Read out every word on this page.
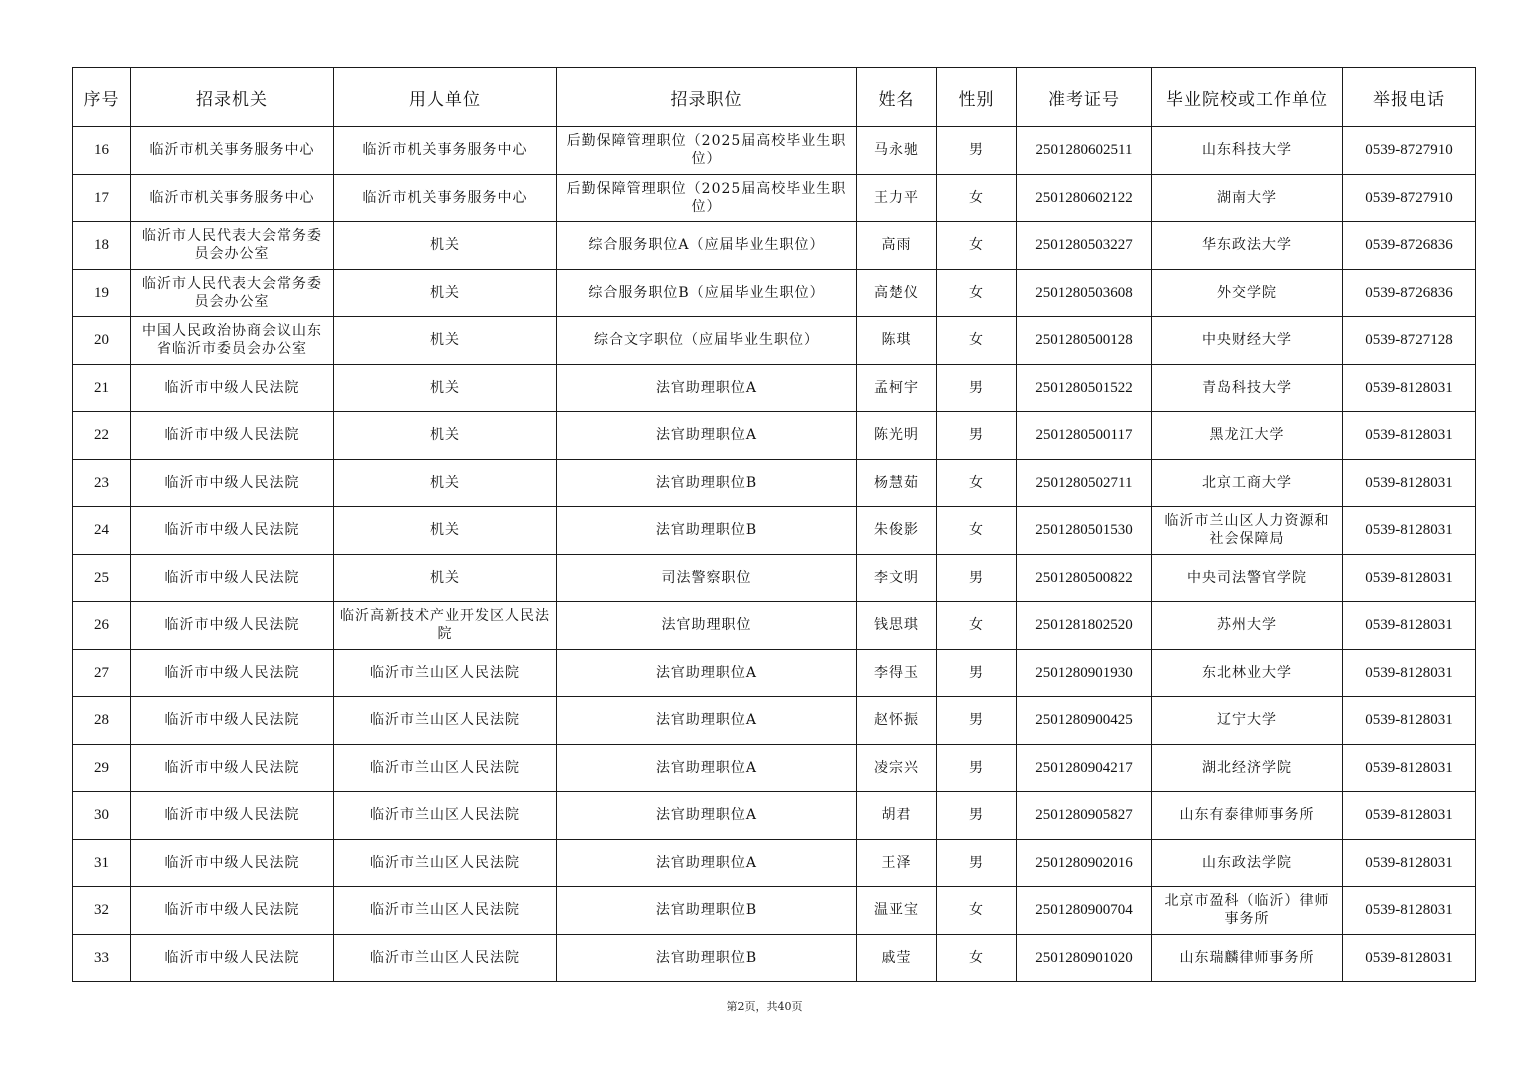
序号	招录机关	用人单位	招录职位	姓名	性别	准考证号	毕业院校或工作单位	举报电话
16	临沂市机关事务服务中心	临沂市机关事务服务中心	后勤保障管理职位（2025届高校毕业生职位）	马永驰	男	2501280602511	山东科技大学	0539-8727910
17	临沂市机关事务服务中心	临沂市机关事务服务中心	后勤保障管理职位（2025届高校毕业生职位）	王力平	女	2501280602122	湖南大学	0539-8727910
18	临沂市人民代表大会常务委员会办公室	机关	综合服务职位A（应届毕业生职位）	高雨	女	2501280503227	华东政法大学	0539-8726836
19	临沂市人民代表大会常务委员会办公室	机关	综合服务职位B（应届毕业生职位）	高楚仪	女	2501280503608	外交学院	0539-8726836
20	中国人民政治协商会议山东省临沂市委员会办公室	机关	综合文字职位（应届毕业生职位）	陈琪	女	2501280500128	中央财经大学	0539-8727128
21	临沂市中级人民法院	机关	法官助理职位A	孟柯宇	男	2501280501522	青岛科技大学	0539-8128031
22	临沂市中级人民法院	机关	法官助理职位A	陈光明	男	2501280500117	黑龙江大学	0539-8128031
23	临沂市中级人民法院	机关	法官助理职位B	杨慧茹	女	2501280502711	北京工商大学	0539-8128031
24	临沂市中级人民法院	机关	法官助理职位B	朱俊影	女	2501280501530	临沂市兰山区人力资源和社会保障局	0539-8128031
25	临沂市中级人民法院	机关	司法警察职位	李文明	男	2501280500822	中央司法警官学院	0539-8128031
26	临沂市中级人民法院	临沂高新技术产业开发区人民法院	法官助理职位	钱思琪	女	2501281802520	苏州大学	0539-8128031
27	临沂市中级人民法院	临沂市兰山区人民法院	法官助理职位A	李得玉	男	2501280901930	东北林业大学	0539-8128031
28	临沂市中级人民法院	临沂市兰山区人民法院	法官助理职位A	赵怀振	男	2501280900425	辽宁大学	0539-8128031
29	临沂市中级人民法院	临沂市兰山区人民法院	法官助理职位A	凌宗兴	男	2501280904217	湖北经济学院	0539-8128031
30	临沂市中级人民法院	临沂市兰山区人民法院	法官助理职位A	胡君	男	2501280905827	山东有泰律师事务所	0539-8128031
31	临沂市中级人民法院	临沂市兰山区人民法院	法官助理职位A	王泽	男	2501280902016	山东政法学院	0539-8128031
32	临沂市中级人民法院	临沂市兰山区人民法院	法官助理职位B	温亚宝	女	2501280900704	北京市盈科（临沂）律师事务所	0539-8128031
33	临沂市中级人民法院	临沂市兰山区人民法院	法官助理职位B	戚莹	女	2501280901020	山东瑞麟律师事务所	0539-8128031
第2页，共40页
